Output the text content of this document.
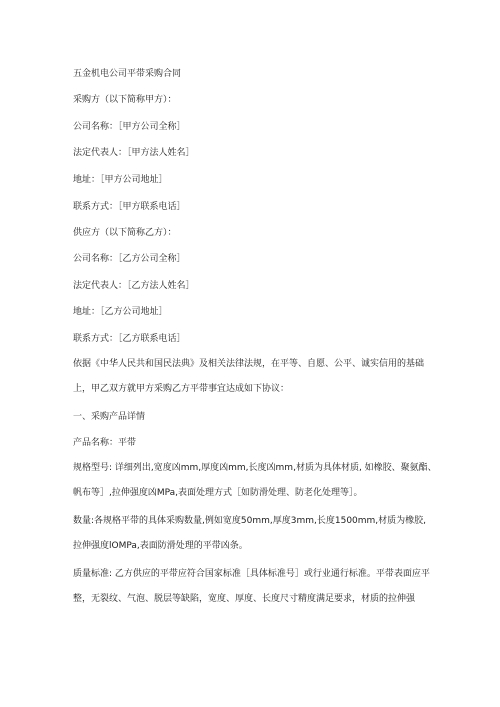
五金机电公司平带采购合同
采购方（以下简称甲方）：
公司名称：［甲方公司全称］
法定代表人：［甲方法人姓名］
地址：［甲方公司地址］
联系方式：［甲方联系电话］
供应方（以下简称乙方）：
公司名称：［乙方公司全称］
法定代表人：［乙方法人姓名］
地址：［乙方公司地址］
联系方式：［乙方联系电话］
依据《中华人民共和国民法典》及相关法律法规，在平等、自愿、公平、诚实信用的基础上，甲乙双方就甲方采购乙方平带事宜达成如下协议：
一、采购产品详情
产品名称：平带
规格型号: 详细列出,宽度凶mm,厚度凶mm,长度凶mm,材质为具体材质, 如橡胶、聚氨酯、帆布等］,拉伸强度凶MPa,表面处理方式［如防滑处理、防老化处理等］。
数量:各规格平带的具体采购数量,例如宽度50mm,厚度3mm,长度1500mm,材质为橡胶, 拉伸强度lOMPa,表面防滑处理的平带凶条。
质量标准: 乙方供应的平带应符合国家标准［具体标准号］或行业通行标准。平带表面应平整，无裂纹、气泡、脱层等缺陷，宽度、厚度、长度尺寸精度满足要求，材质的拉伸强
